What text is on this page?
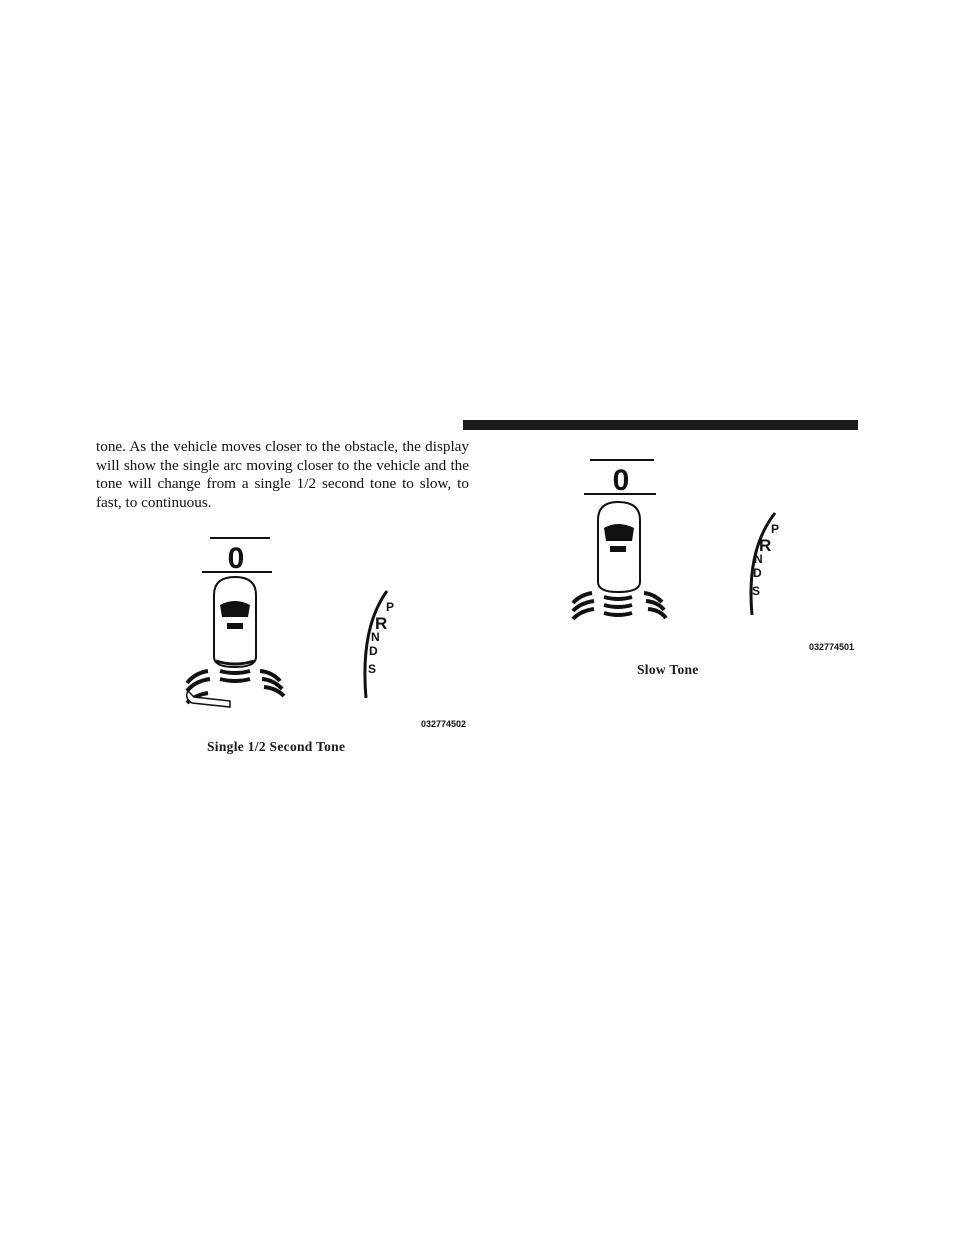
tone. As the vehicle moves closer to the obstacle, the display will show the single arc moving closer to the vehicle and the tone will change from a single 1/2 second tone to slow, to fast, to continuous.

0
P
R
N
D
S
032774502
Single 1/2 Second Tone
0
P
R
N
D
S
032774501
Slow Tone
